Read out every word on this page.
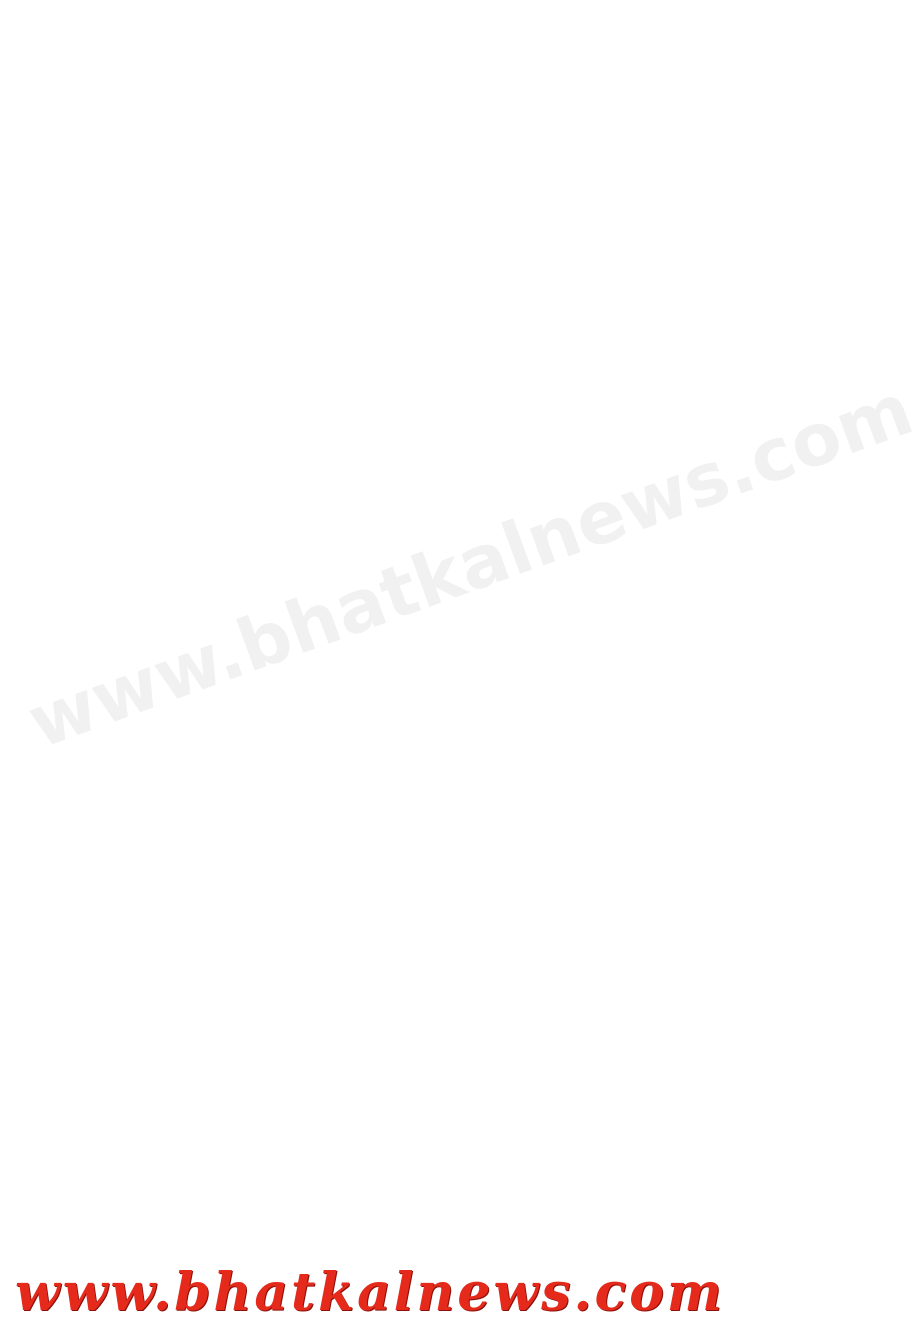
www.bhatkalnews.com

www.bhatkalnews.com
